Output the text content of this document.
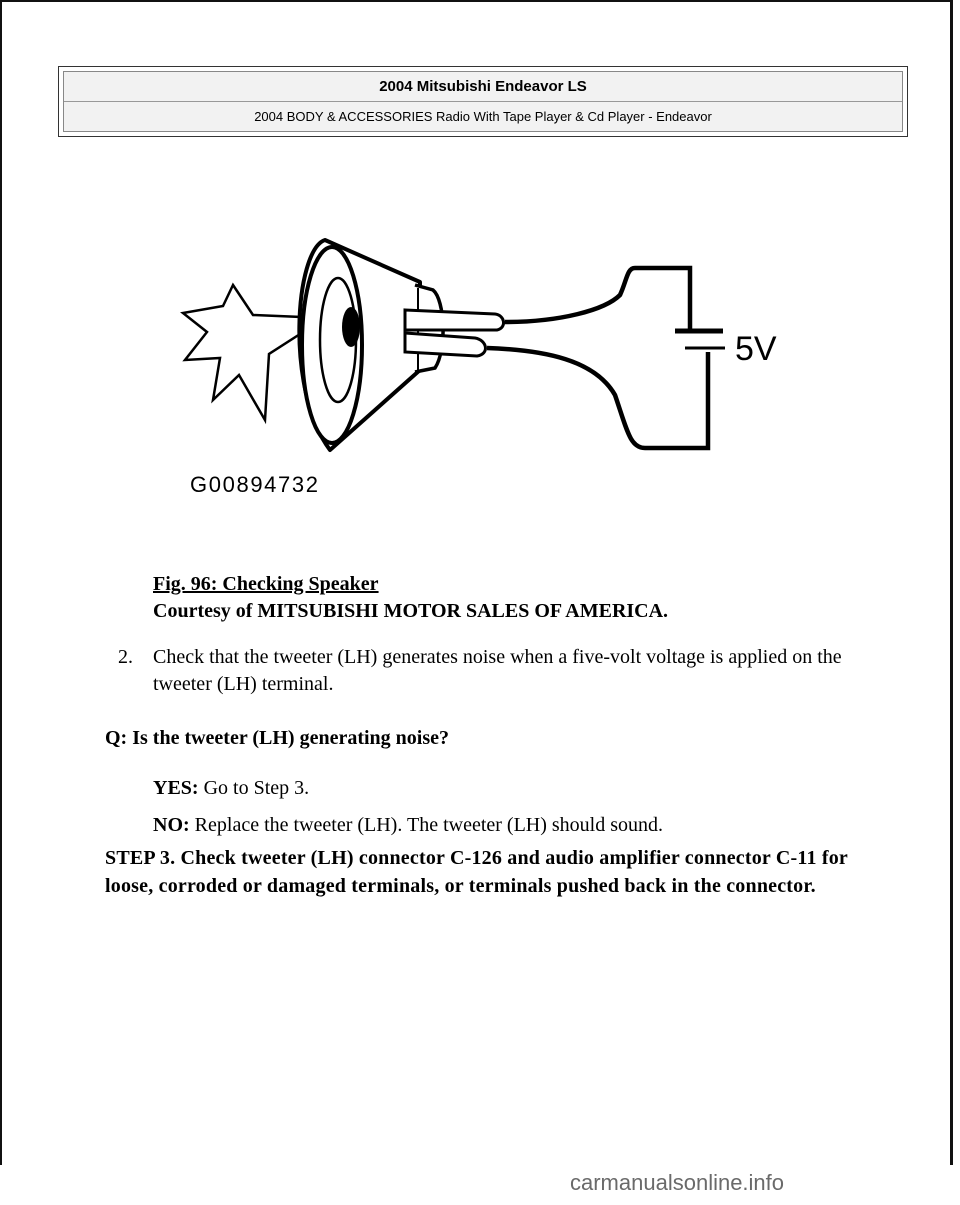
2004 Mitsubishi Endeavor LS
2004 BODY & ACCESSORIES Radio With Tape Player & Cd Player - Endeavor
5V
G00894732
Fig. 96: Checking Speaker
Courtesy of MITSUBISHI MOTOR SALES OF AMERICA.
2. Check that the tweeter (LH) generates noise when a five-volt voltage is applied on the tweeter (LH) terminal.
Q: Is the tweeter (LH) generating noise?
YES: Go to Step 3.
NO: Replace the tweeter (LH). The tweeter (LH) should sound.
STEP 3. Check tweeter (LH) connector C-126 and audio amplifier connector C-11 for loose, corroded or damaged terminals, or terminals pushed back in the connector.
carmanualsonline.info
